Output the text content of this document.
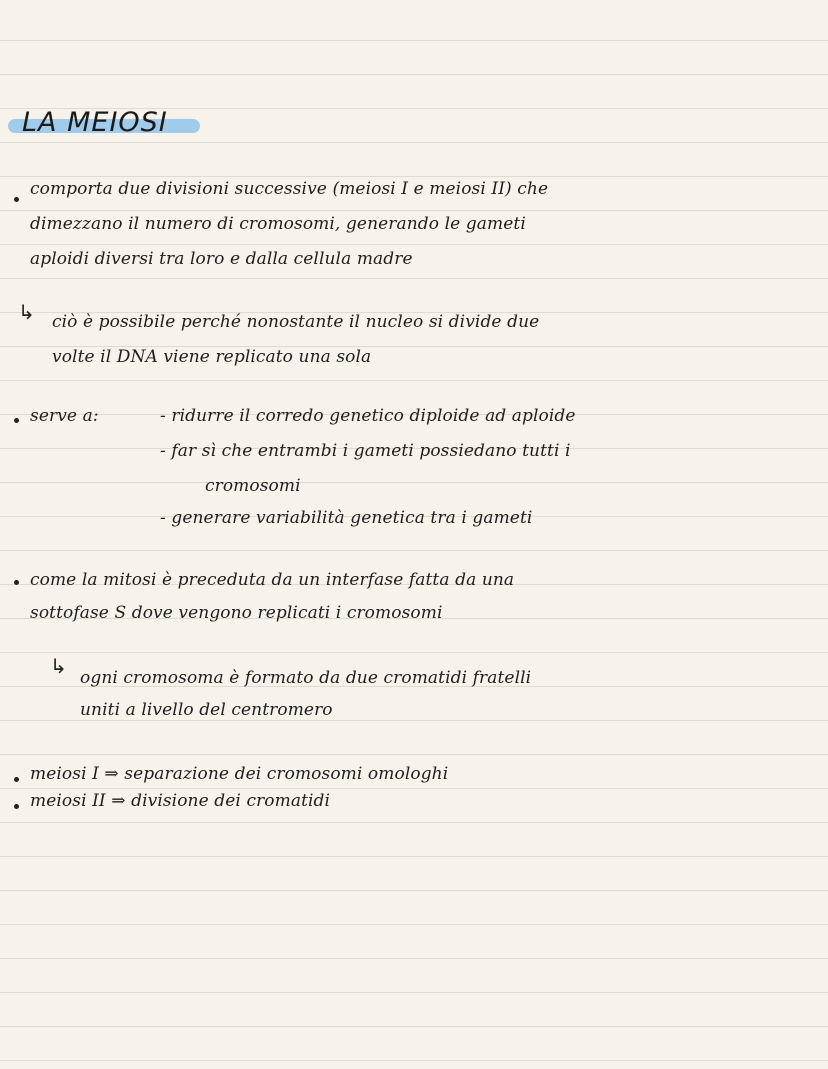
LA MEIOSI
comporta due divisioni successive (meiosi I e meiosi II) che
dimezzano il numero di cromosomi, generando le gameti
aploidi diversi tra loro e dalla cellula madre
↳ ciò è possibile perché nonostante il nucleo si divide due
volte il DNA viene replicato una sola
serve a:	- ridurre il corredo genetico diploide ad aploide
- far sì che entrambi i gameti possiedano tutti i
cromosomi
- generare variabilità genetica tra i gameti
come la mitosi è preceduta da un interfase fatta da una
sottofase S dove vengono replicati i cromosomi
↳ ogni cromosoma è formato da due cromatidi fratelli
uniti a livello del centromero
meiosi I ⇒ separazione dei cromosomi omologhi
meiosi II ⇒ divisione dei cromatidi
